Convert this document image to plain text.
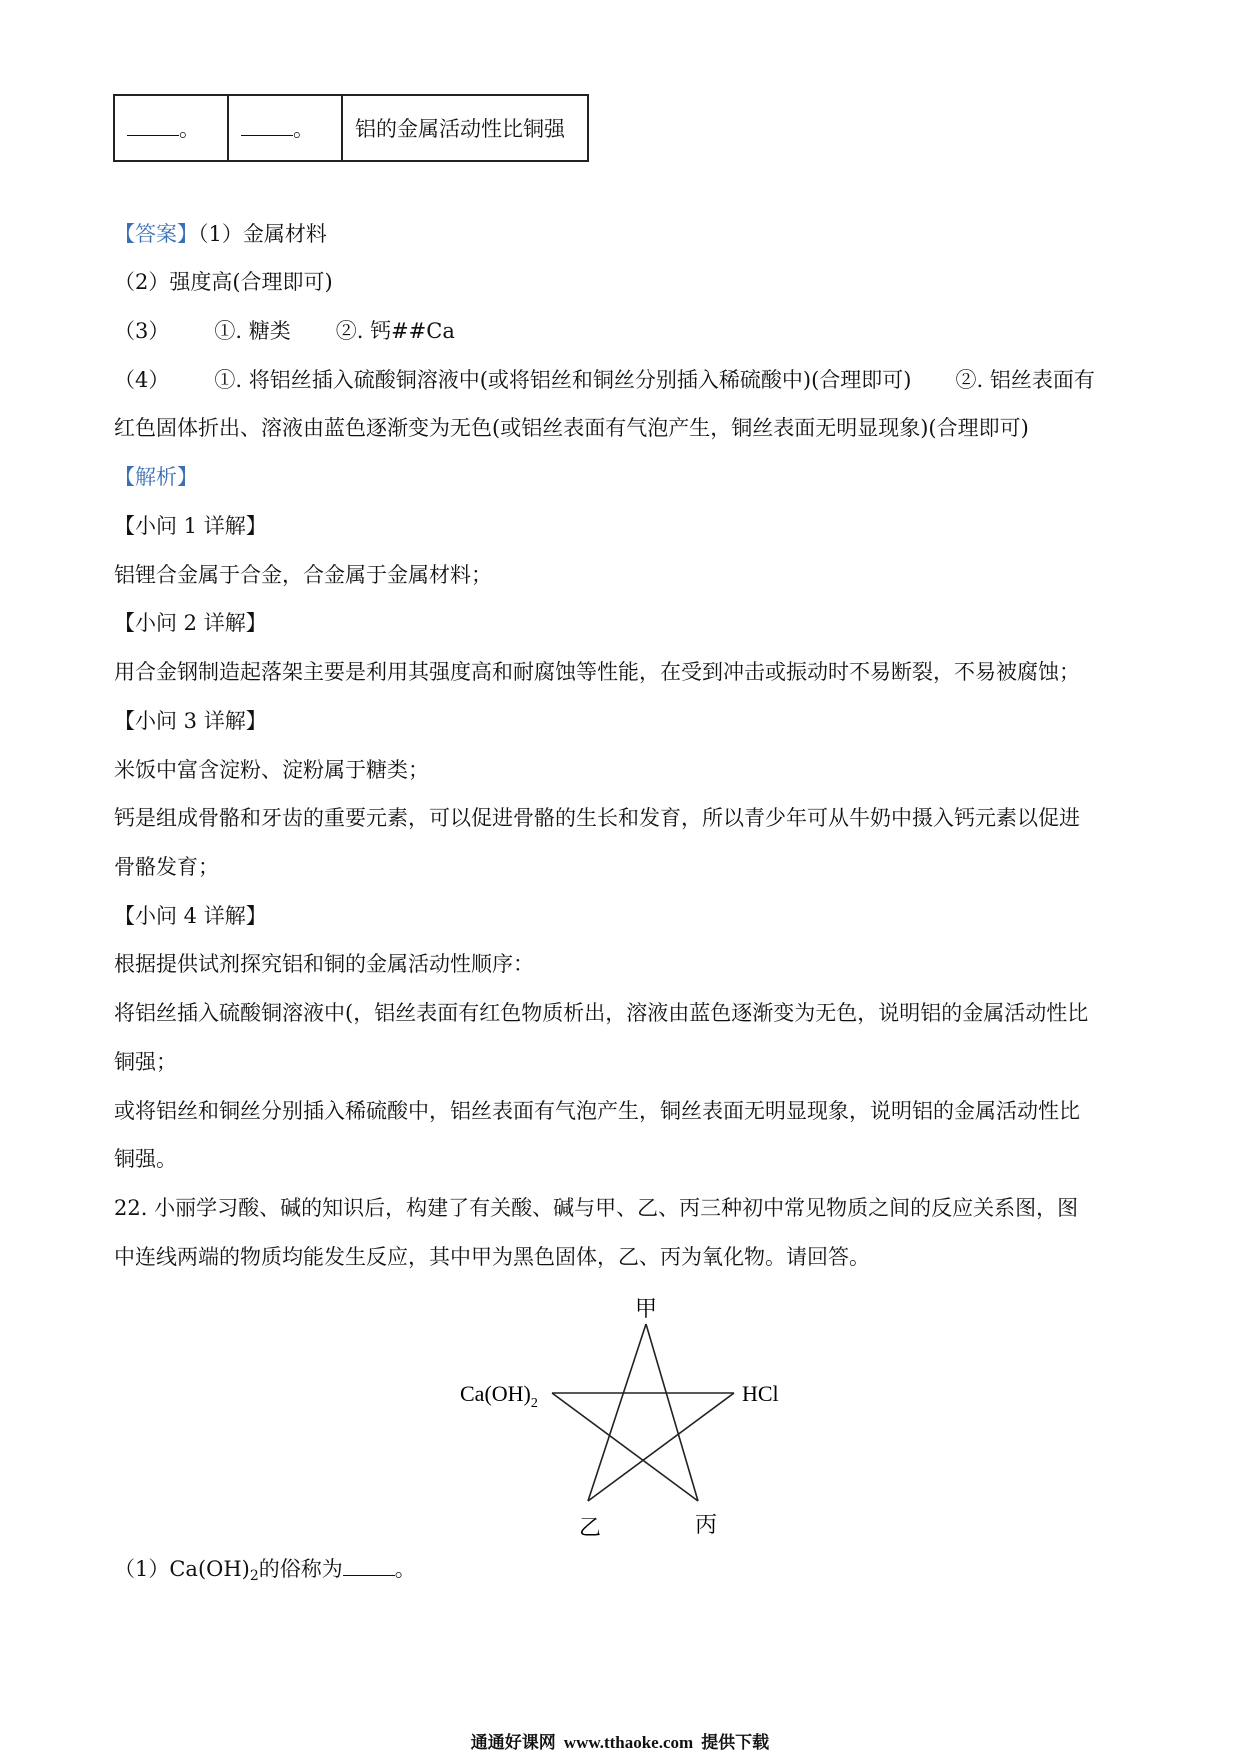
。	。	铝的金属活动性比铜强
【答案】（1）金属材料
（2）强度高(合理即可)
（3） ①. 糖类 ②. 钙##Ca
（4） ①. 将铝丝插入硫酸铜溶液中(或将铝丝和铜丝分别插入稀硫酸中)(合理即可) ②. 铝丝表面有
红色固体折出、溶液由蓝色逐渐变为无色(或铝丝表面有气泡产生，铜丝表面无明显现象)(合理即可)
【解析】
【小问 1 详解】
铝锂合金属于合金，合金属于金属材料；
【小问 2 详解】
用合金钢制造起落架主要是利用其强度高和耐腐蚀等性能，在受到冲击或振动时不易断裂，不易被腐蚀；
【小问 3 详解】
米饭中富含淀粉、淀粉属于糖类；
钙是组成骨骼和牙齿的重要元素，可以促进骨骼的生长和发育，所以青少年可从牛奶中摄入钙元素以促进
骨骼发育；
【小问 4 详解】
根据提供试剂探究铝和铜的金属活动性顺序：
将铝丝插入硫酸铜溶液中(，铝丝表面有红色物质析出，溶液由蓝色逐渐变为无色，说明铝的金属活动性比
铜强；
或将铝丝和铜丝分别插入稀硫酸中，铝丝表面有气泡产生，铜丝表面无明显现象，说明铝的金属活动性比
铜强。
22. 小丽学习酸、碱的知识后，构建了有关酸、碱与甲、乙、丙三种初中常见物质之间的反应关系图，图
中连线两端的物质均能发生反应，其中甲为黑色固体，乙、丙为氧化物。请回答。
甲
$Ca(OH)_2$	HCl
乙	丙
（1）Ca(OH)2的俗称为 。
通通好课网 www.tthaoke.com 提供下载
